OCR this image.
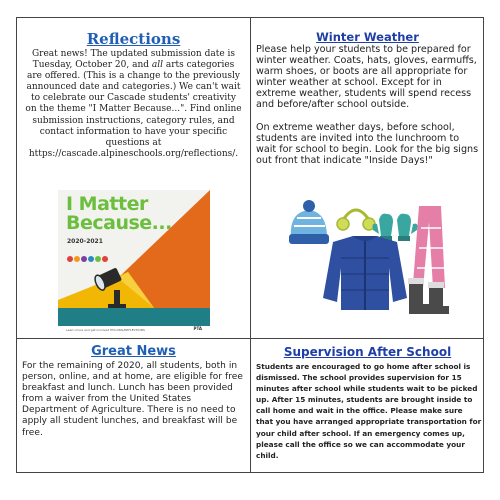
Reflections

Great news! The updated submission date is Tuesday, October 20, and all arts categories are offered. (This is a change to the previously announced date and categories.) We can't wait to celebrate our Cascade students' creativity on the theme "I Matter Because...". Find online submission instructions, category rules, and contact information to have your specific questions at https://cascade.alpineschools.org/reflections/.

I Matter Because...
2020-2021
Learn more and get involved PTA.ORG/REFLECTIONS	PTA
Winter Weather

Please help your students to be prepared for winter weather. Coats, hats, gloves, earmuffs, warm shoes, or boots are all appropriate for winter weather at school. Except for in extreme weather, students will spend recess and before/after school outside.

On extreme weather days, before school, students are invited into the lunchroom to wait for school to begin. Look for the big signs out front that indicate "Inside Days!"

Great News

For the remaining of 2020, all students, both in person, online, and at home, are eligible for free breakfast and lunch. Lunch has been provided from a waiver from the United States Department of Agriculture. There is no need to apply all student lunches, and breakfast will be free.

Supervision After School

Students are encouraged to go home after school is dismissed. The school provides supervision for 15 minutes after school while students wait to be picked up. After 15 minutes, students are brought inside to call home and wait in the office. Please make sure that you have arranged appropriate transportation for your child after school. If an emergency comes up, please call the office so we can accommodate your child.
